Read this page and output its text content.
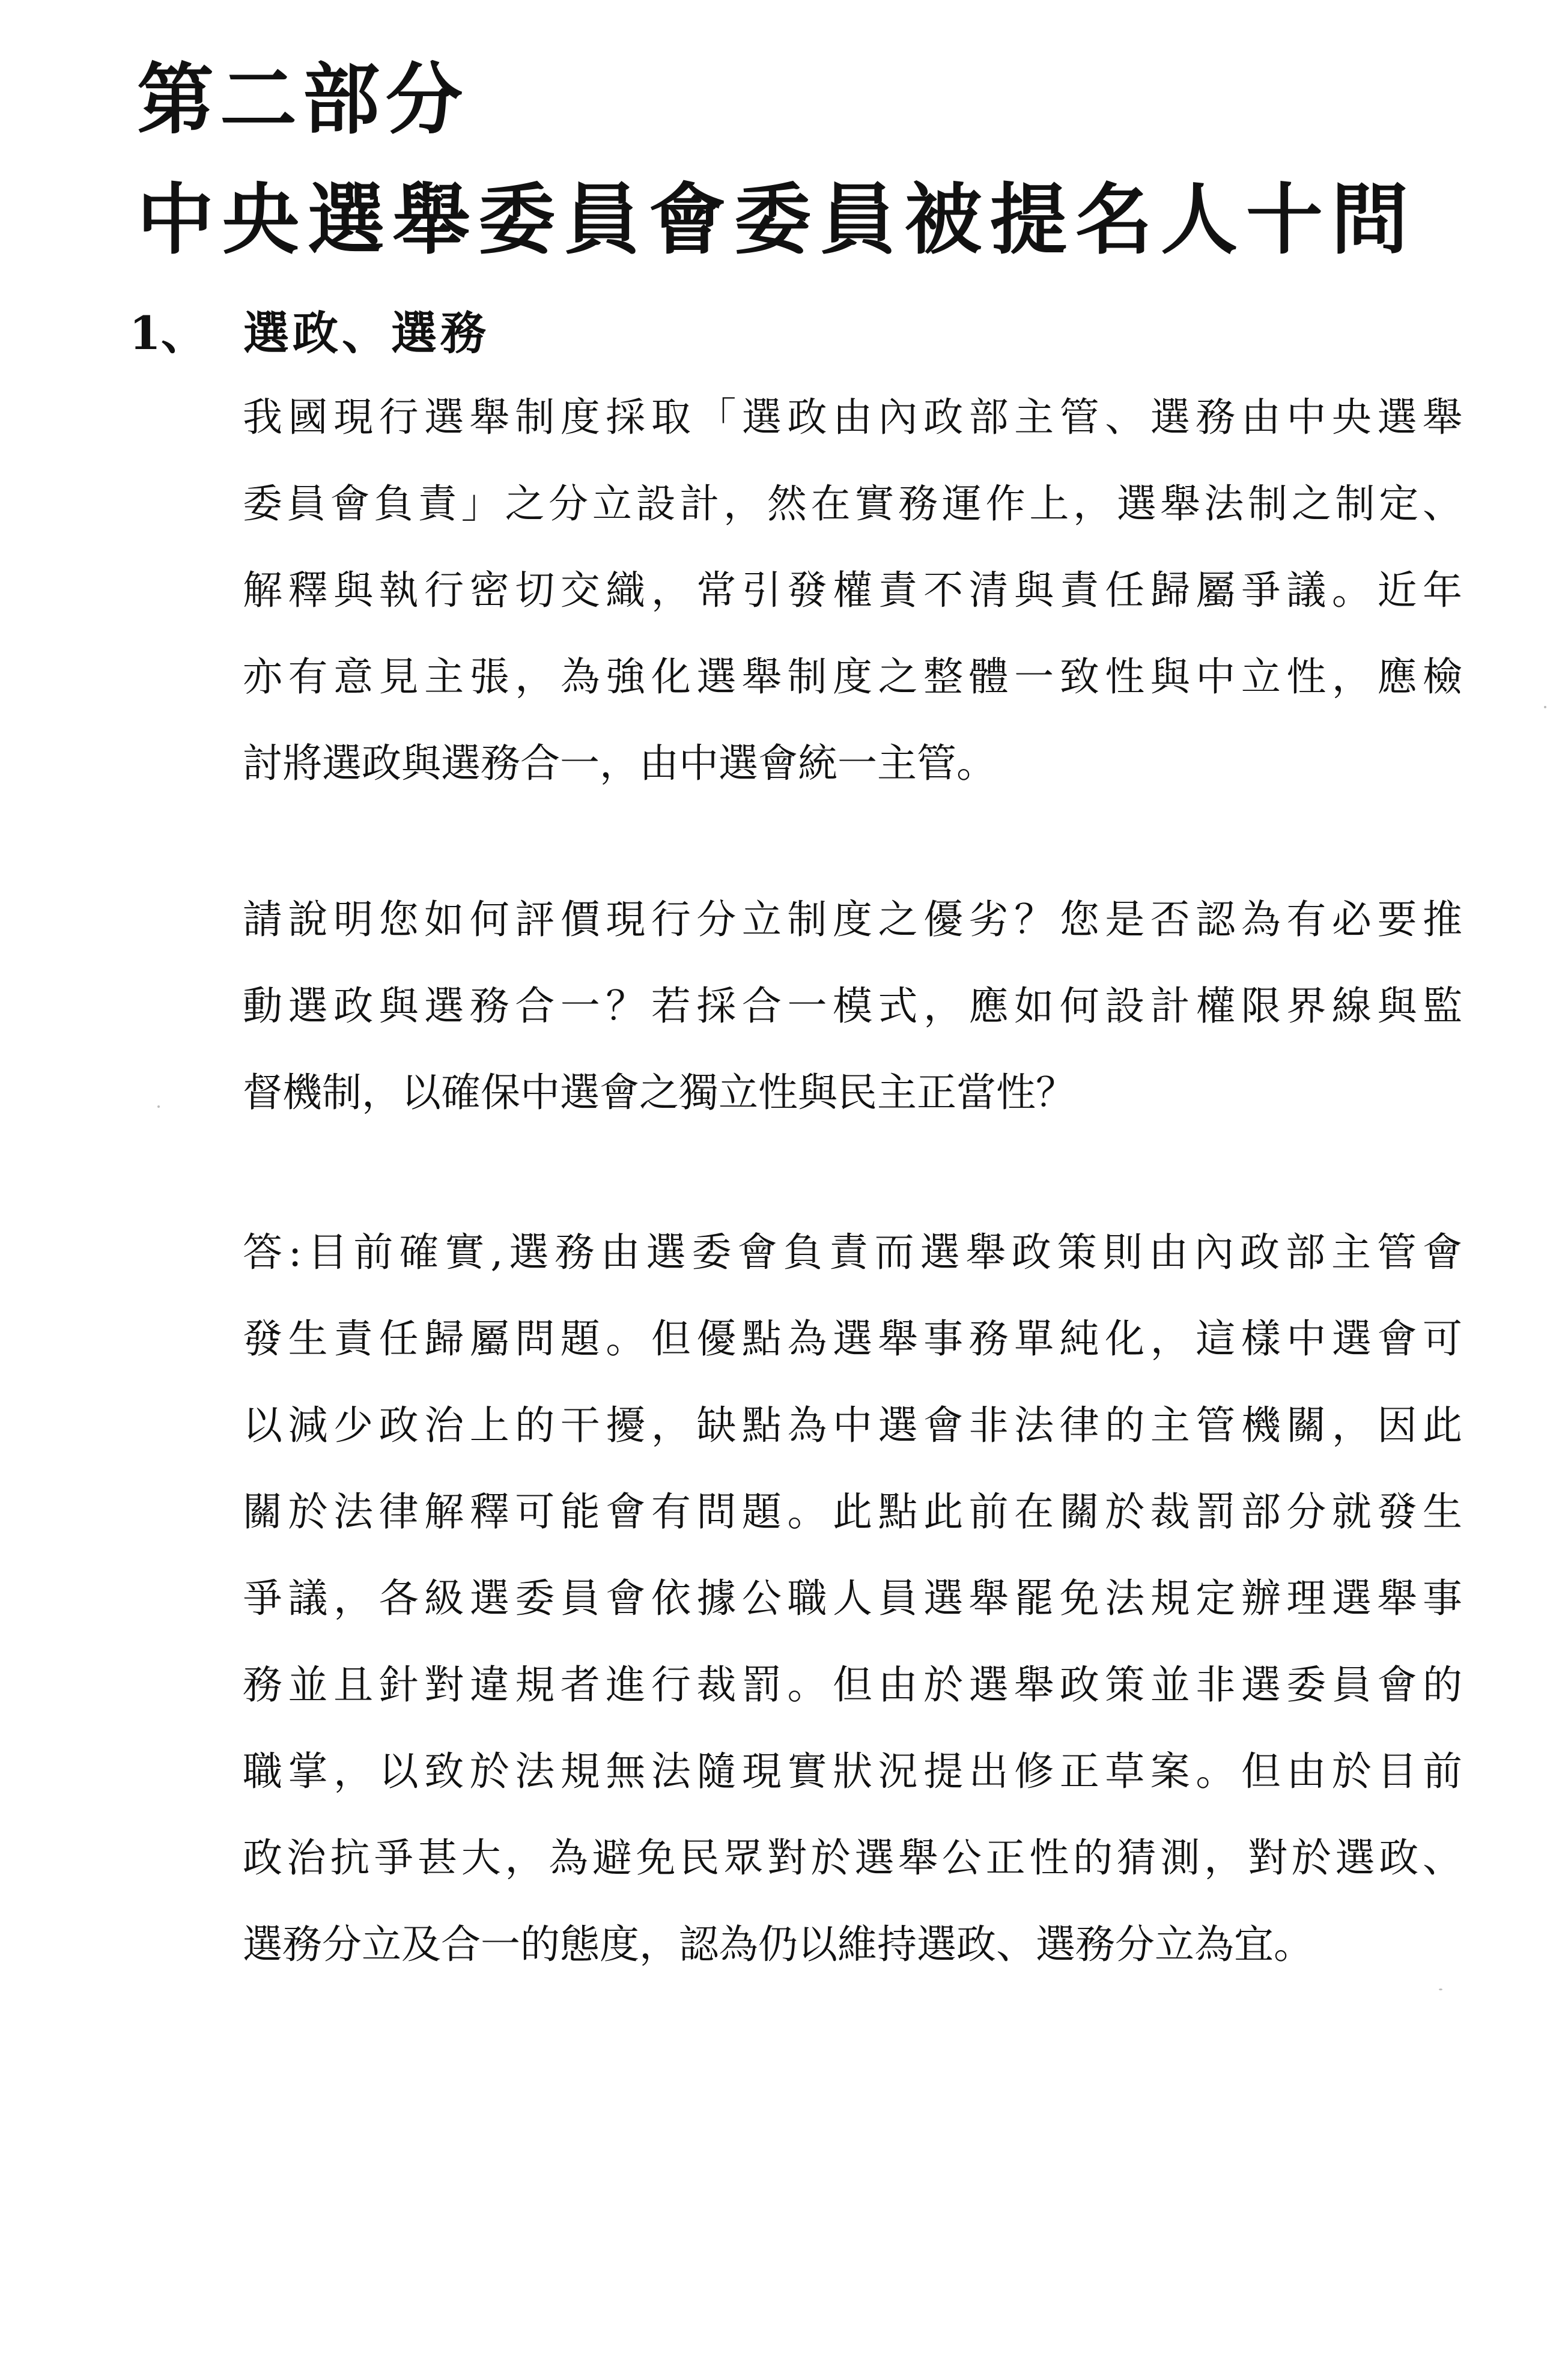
第二部分
中央選舉委員會委員被提名人十問
1、 選政、選務
我國現行選舉制度採取「選政由內政部主管、選務由中央選舉
委員會負責」之分立設計，然在實務運作上，選舉法制之制定、
解釋與執行密切交織，常引發權責不清與責任歸屬爭議。近年
亦有意見主張，為強化選舉制度之整體一致性與中立性，應檢
討將選政與選務合一，由中選會統一主管。
請說明您如何評價現行分立制度之優劣？您是否認為有必要推
動選政與選務合一？若採合一模式，應如何設計權限界線與監
督機制，以確保中選會之獨立性與民主正當性？
答:目前確實,選務由選委會負責而選舉政策則由內政部主管會
發生責任歸屬問題。但優點為選舉事務單純化，這樣中選會可
以減少政治上的干擾，缺點為中選會非法律的主管機關，因此
關於法律解釋可能會有問題。此點此前在關於裁罰部分就發生
爭議，各級選委員會依據公職人員選舉罷免法規定辦理選舉事
務並且針對違規者進行裁罰。但由於選舉政策並非選委員會的
職掌，以致於法規無法隨現實狀況提出修正草案。但由於目前
政治抗爭甚大，為避免民眾對於選舉公正性的猜測，對於選政、
選務分立及合一的態度，認為仍以維持選政、選務分立為宜。
